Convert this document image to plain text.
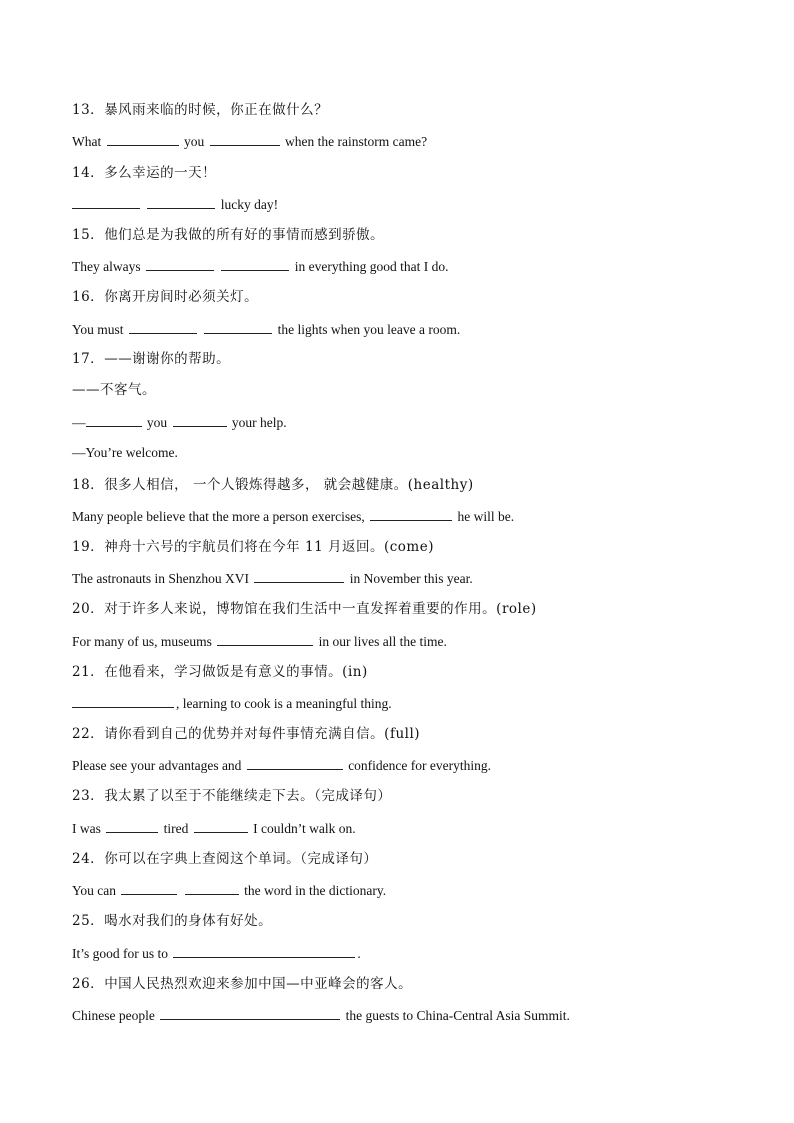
13．暴风雨来临的时候，你正在做什么？
What	you	when the rainstorm came?
14．多么幸运的一天！
lucky day!
15．他们总是为我做的所有好的事情而感到骄傲。
They always	in everything good that I do.
16．你离开房间时必须关灯。
You must	the lights when you leave a room.
17．——谢谢你的帮助。
——不客气。
—	you	your help.
—You’re welcome.
18．很多人相信， 一个人锻炼得越多， 就会越健康。(healthy)
Many people believe that the more a person exercises,	he will be.
19．神舟十六号的宇航员们将在今年 11 月返回。(come)
The astronauts in Shenzhou XVI	in November this year.
20．对于许多人来说，博物馆在我们生活中一直发挥着重要的作用。(role)
For many of us, museums	in our lives all the time.
21．在他看来，学习做饭是有意义的事情。(in)
, learning to cook is a meaningful thing.
22．请你看到自己的优势并对每件事情充满自信。(full)
Please see your advantages and	confidence for everything.
23．我太累了以至于不能继续走下去。（完成译句）
I was	tired	I couldn’t walk on.
24．你可以在字典上查阅这个单词。（完成译句）
You can	the word in the dictionary.
25．喝水对我们的身体有好处。
It’s good for us to	.
26．中国人民热烈欢迎来参加中国—中亚峰会的客人。
Chinese people	the guests to China-Central Asia Summit.
